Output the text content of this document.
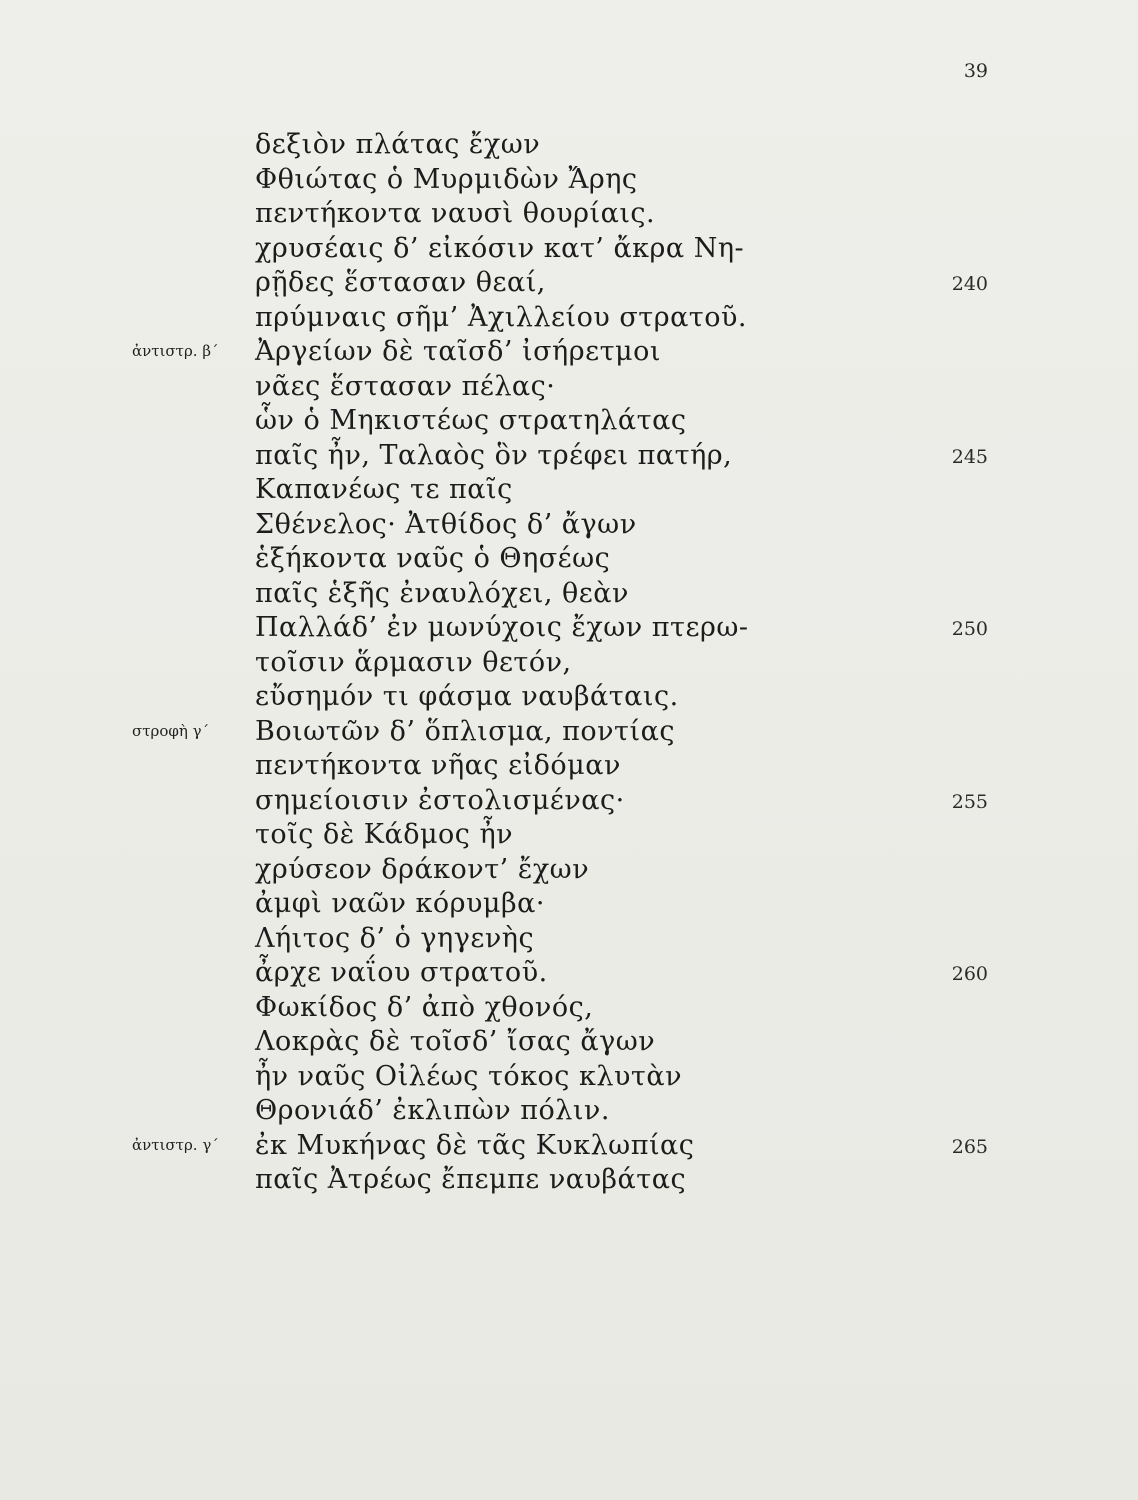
39
δεξιὸν πλάτας ἔχων
Φθιώτας ὁ Μυρμιδὼν Ἄρης
πεντήκοντα ναυσὶ θουρίαις.
χρυσέαις δ’ εἰκόσιν κατ’ ἄκρα Νη-
ρῇδες ἕστασαν θεαί,	240
πρύμναις σῆμ’ Ἀχιλλείου στρατοῦ.
ἀντιστρ. β΄ Ἀργείων δὲ ταῖσδ’ ἰσήρετμοι
νᾶες ἕστασαν πέλας·
ὧν ὁ Μηκιστέως στρατηλάτας
παῖς ἦν, Ταλαὸς ὃν τρέφει πατήρ,	245
Καπανέως τε παῖς
Σθένελος· Ἀτθίδος δ’ ἄγων
ἑξήκοντα ναῦς ὁ Θησέως
παῖς ἑξῆς ἐναυλόχει, θεὰν
Παλλάδ’ ἐν μωνύχοις ἔχων πτερω-	250
τοῖσιν ἅρμασιν θετόν,
εὔσημόν τι φάσμα ναυβάταις.
στροφὴ γ΄ Βοιωτῶν δ’ ὅπλισμα, ποντίας
πεντήκοντα νῆας εἰδόμαν
σημείοισιν ἐστολισμένας·	255
τοῖς δὲ Κάδμος ἦν
χρύσεον δράκοντ’ ἔχων
ἀμφὶ ναῶν κόρυμβα·
Λήιτος δ’ ὁ γηγενὴς
ἆρχε ναΐου στρατοῦ.	260
Φωκίδος δ’ ἀπὸ χθονός,
Λοκρὰς δὲ τοῖσδ’ ἴσας ἄγων
ἦν ναῦς Οἰλέως τόκος κλυτὰν
Θρονιάδ’ ἐκλιπὼν πόλιν.
ἀντιστρ. γ΄ ἐκ Μυκήνας δὲ τᾶς Κυκλωπίας	265
παῖς Ἀτρέως ἔπεμπε ναυβάτας
